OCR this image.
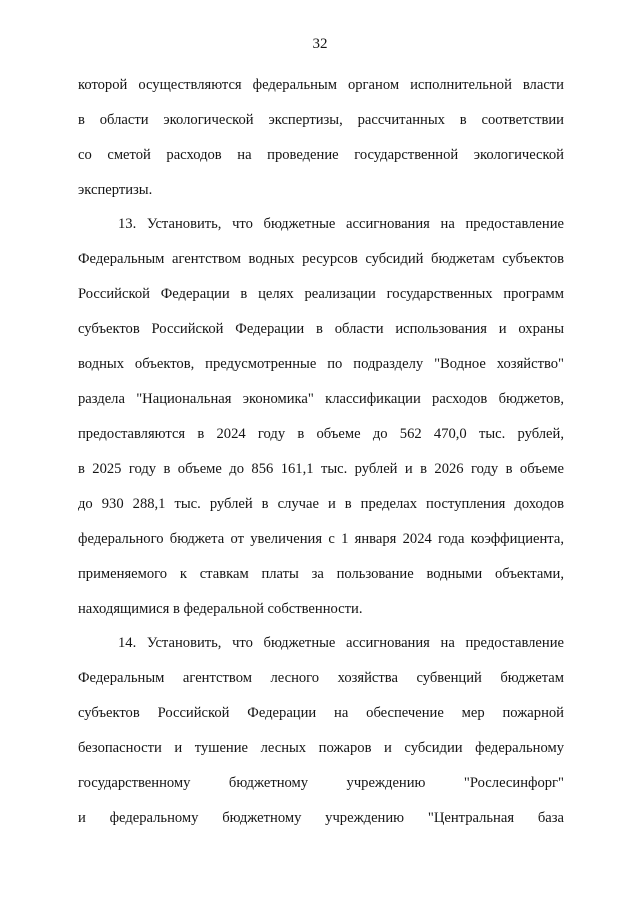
32
которой осуществляются федеральным органом исполнительной власти
в области экологической экспертизы, рассчитанных в соответствии
со сметой расходов на проведение государственной экологической
экспертизы.
13. Установить, что бюджетные ассигнования на предоставление
Федеральным агентством водных ресурсов субсидий бюджетам субъектов
Российской Федерации в целях реализации государственных программ
субъектов Российской Федерации в области использования и охраны
водных объектов, предусмотренные по подразделу "Водное хозяйство"
раздела "Национальная экономика" классификации расходов бюджетов,
предоставляются в 2024 году в объеме до 562 470,0 тыс. рублей,
в 2025 году в объеме до 856 161,1 тыс. рублей и в 2026 году в объеме
до 930 288,1 тыс. рублей в случае и в пределах поступления доходов
федерального бюджета от увеличения с 1 января 2024 года коэффициента,
применяемого к ставкам платы за пользование водными объектами,
находящимися в федеральной собственности.
14. Установить, что бюджетные ассигнования на предоставление
Федеральным агентством лесного хозяйства субвенций бюджетам
субъектов Российской Федерации на обеспечение мер пожарной
безопасности и тушение лесных пожаров и субсидии федеральному
государственному бюджетному учреждению "Рослесинфорг"
и федеральному бюджетному учреждению "Центральная база
